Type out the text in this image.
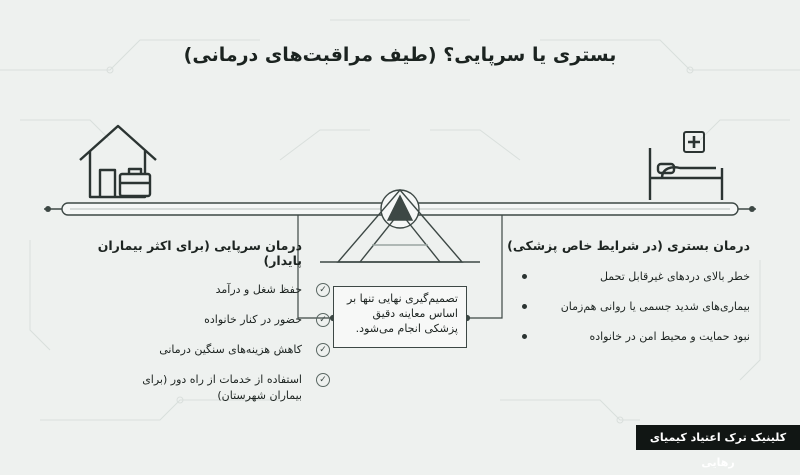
بستری یا سرپایی؟ (طیف مراقبت‌های درمانی)
درمان سرپایی (برای اکثر بیماران پایدار)
✓
حفظ شغل و درآمد
✓
حضور در کنار خانواده
✓
کاهش هزینه‌های سنگین درمانی
✓
استفاده از خدمات از راه دور (برای بیماران شهرستان)
درمان بستری (در شرایط خاص پزشکی)
خطر بالای دردهای غیرقابل تحمل
بیماری‌های شدید جسمی یا روانی هم‌زمان
نبود حمایت و محیط امن در خانواده
تصمیم‌گیری نهایی تنها بر اساس معاینه دقیق پزشکی انجام می‌شود.
کلینیک ترک اعتیاد کیمیای رهایی
